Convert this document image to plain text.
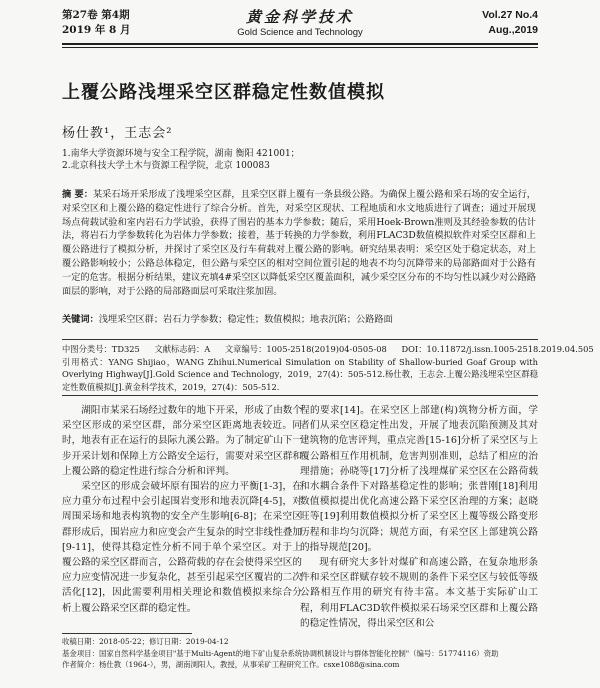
第27卷 第4期
2019 年 8 月
黄金科学技术
Gold Science and Technology
Vol.27 No.4
Aug.,2019
上覆公路浅埋采空区群稳定性数值模拟
杨仕教¹，王志会²
1.南华大学资源环境与安全工程学院，湖南 衡阳 421001；
2.北京科技大学土木与资源工程学院，北京 100083
摘 要：某采石场开采形成了浅埋采空区群，且采空区群上覆有一条县级公路。为确保上覆公路和采石场的安全运行，对采空区和上覆公路的稳定性进行了综合分析。首先，对采空区现状、工程地质和水文地质进行了调查；通过开展现场点荷载试验和室内岩石力学试验，获得了围岩的基本力学参数；随后，采用Hoek-Brown准则及其经验参数的估计法，将岩石力学参数转化为岩体力学参数；接着，基于转换的力学参数，利用FLAC3D数值模拟软件对采空区群和上覆公路进行了模拟分析，并探讨了采空区及行车荷载对上覆公路的影响。研究结果表明：采空区处于稳定状态，对上覆公路影响较小；公路总体稳定，但公路与采空区的相对空间位置引起的地表不均匀沉降带来的局部路面对于公路有一定的危害。根据分析结果，建议充填4#采空区以降低采空区覆盖面积，减少采空区分布的不均匀性以减少对公路路面层的影响，对于公路的局部路面层可采取注浆加固。
关键词：浅埋采空区群；岩石力学参数；稳定性；数值模拟；地表沉陷；公路路面
中图分类号：TD325 文献标志码：A 文章编号：1005-2518(2019)04-0505-08 DOI：10.11872/j.issn.1005-2518.2019.04.505
引用格式：YANG Shijiao，WANG Zhihui.Numerical Simulation on Stability of Shallow-buried Goaf Group with Overlying Highway[J].Gold Science and Technology，2019，27(4)：505-512.杨仕教，王志会.上覆公路浅埋采空区群稳定性数值模拟[J].黄金科学技术，2019，27(4)：505-512.

湖阳市某采石场经过数年的地下开采，形成了由数个采空区形成的采空区群，部分采空区距离地表较近。同时，地表有正在运行的县际九溪公路。为了制定矿山下一步开采计划和保障上方公路安全运行，需要对采空区群和上覆公路的稳定性进行综合分析和评判。

采空区的形成会破坏原有围岩的应力平衡[1-3]，在应力重分布过程中会引起围岩变形和地表沉降[4-5]，对周围采场和地表构筑物的安全产生影响[6-8]；在采空区群形成后，围岩应力和应变会产生复杂的时空非线性叠加[9-11]，使得其稳定性分析不同于单个采空区。对于上覆公路的采空区群而言，公路荷载的存在会使得采空区的应力应变情况进一步复杂化，甚至引起采空区覆岩的二次活化[12]，因此需要利用相关理论和数值模拟来综合分析上覆公路采空区群的稳定性。

程的要求[14]。在采空区上部建(构)筑物分析方面，学者们从采空区稳定性出发，开展了地表沉陷预测及其对建筑物的危害评判，重点完善[15-16]分析了采空区与上覆公路相互作用机制，危害判别准则，总结了相应的治理措施；孙晓等[17]分析了浅埋煤矿采空区在公路荷载和水耦合条件下对路基稳定性的影响；张普刚[18]利用数值模拟提出优化高速公路下采空区治理的方案；赵晓旺等[19]利用数值模拟分析了采空区上覆等级公路变形历程和非均匀沉降；规范方面，有采空区上部建筑公路的指导规范[20]。

现有研究大多针对煤矿和高速公路，在复杂地形条件和采空区群赋存较不规则的条件下采空区与较低等级公路相互作用的研究有待丰富。本文基于实际矿山工程，利用FLAC3D软件模拟采石场采空区群和上覆公路的稳定性情况，得出采空区和公

收稿日期：2018-05-22；修订日期：2019-04-12
基金项目：国家自然科学基金项目"基于Multi-Agent的地下矿山复杂系统协调机制设计与群体智能化控制"（编号：51774116）资助
作者简介：杨仕教（1964-），男，湖南浏阳人，教授，从事采矿工程研究工作。csxe1088@sina.com
